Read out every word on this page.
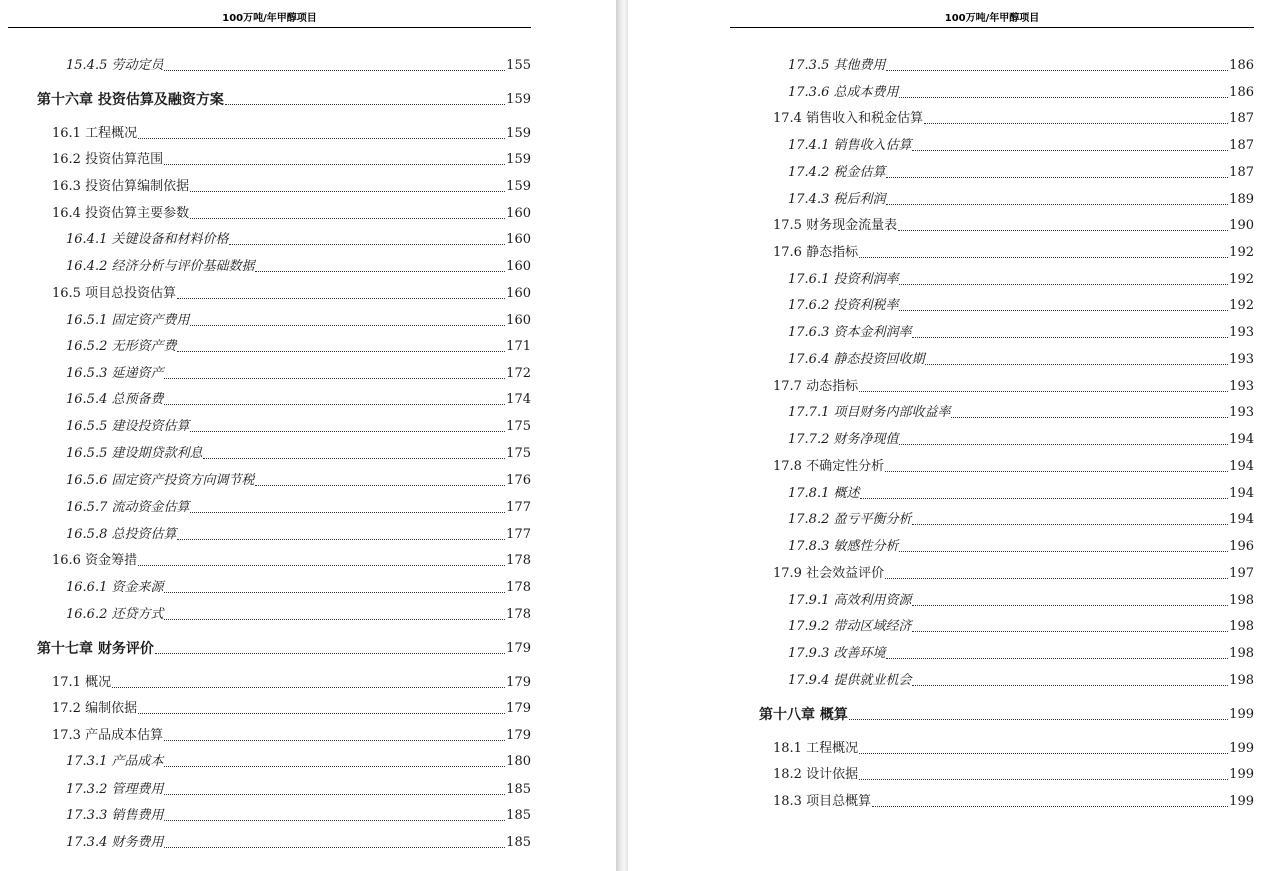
100万吨/年甲醇项目
15.4.5 劳动定员	155
第十六章 投资估算及融资方案	159
16.1 工程概况	159
16.2 投资估算范围	159
16.3 投资估算编制依据	159
16.4 投资估算主要参数	160
16.4.1 关键设备和材料价格	160
16.4.2 经济分析与评价基础数据	160
16.5 项目总投资估算	160
16.5.1 固定资产费用	160
16.5.2 无形资产费	171
16.5.3 延递资产	172
16.5.4 总预备费	174
16.5.5 建设投资估算	175
16.5.5 建设期贷款利息	175
16.5.6 固定资产投资方向调节税	176
16.5.7 流动资金估算	177
16.5.8 总投资估算	177
16.6 资金筹措	178
16.6.1 资金来源	178
16.6.2 还贷方式	178
第十七章 财务评价	179
17.1 概况	179
17.2 编制依据	179
17.3 产品成本估算	179
17.3.1 产品成本	180
17.3.2 管理费用	185
17.3.3 销售费用	185
17.3.4 财务费用	185
100万吨/年甲醇项目
17.3.5 其他费用	186
17.3.6 总成本费用	186
17.4 销售收入和税金估算	187
17.4.1 销售收入估算	187
17.4.2 税金估算	187
17.4.3 税后利润	189
17.5 财务现金流量表	190
17.6 静态指标	192
17.6.1 投资利润率	192
17.6.2 投资利税率	192
17.6.3 资本金利润率	193
17.6.4 静态投资回收期	193
17.7 动态指标	193
17.7.1 项目财务内部收益率	193
17.7.2 财务净现值	194
17.8 不确定性分析	194
17.8.1 概述	194
17.8.2 盈亏平衡分析	194
17.8.3 敏感性分析	196
17.9 社会效益评价	197
17.9.1 高效利用资源	198
17.9.2 带动区域经济	198
17.9.3 改善环境	198
17.9.4 提供就业机会	198
第十八章 概算	199
18.1 工程概况	199
18.2 设计依据	199
18.3 项目总概算	199
